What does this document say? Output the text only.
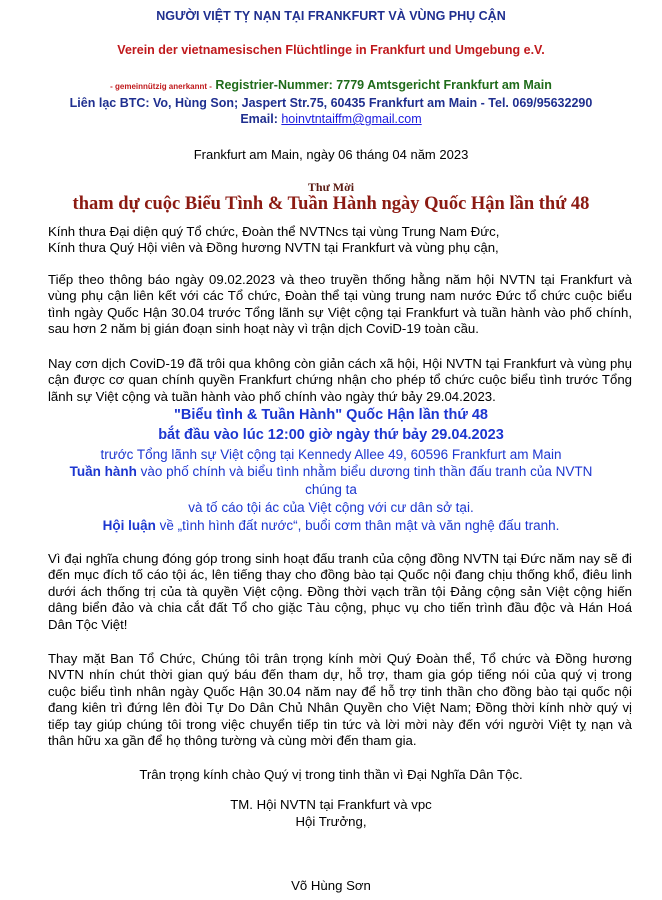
NGƯỜI VIỆT TỴ NẠN TẠI FRANKFURT VÀ VÙNG PHỤ CẬN
Verein der vietnamesischen Flüchtlinge in Frankfurt und Umgebung e.V.
- gemeinnützig anerkannt - Registrier-Nummer: 7779 Amtsgericht Frankfurt am Main
Liên lạc BTC: Vo, Hùng Son; Jaspert Str.75, 60435 Frankfurt am Main - Tel. 069/95632290
Email: hoinvtntaiffm@gmail.com
Frankfurt am Main, ngày 06 tháng 04 năm 2023
Thư Mời
tham dự cuộc Biểu Tình & Tuần Hành ngày Quốc Hận lần thứ 48
Kính thưa Đại diện quý Tổ chức, Đoàn thể NVTNcs tại vùng Trung Nam Đức,
Kính thưa Quý Hội viên và Đồng hương NVTN tại Frankfurt và vùng phụ cận,
Tiếp theo thông báo ngày 09.02.2023 và theo truyền thống hằng năm hội NVTN tại Frankfurt và vùng phụ cận liên kết với các Tổ chức, Đoàn thể tại vùng trung nam nước Đức tổ chức cuộc biểu tình ngày Quốc Hận 30.04 trước Tổng lãnh sự Việt cộng tại Frankfurt và tuần hành vào phố chính, sau hơn 2 năm bị gián đoạn sinh hoạt này vì trận dịch CoviD-19 toàn cầu.
Nay cơn dịch CoviD-19 đã trôi qua không còn giản cách xã hội, Hội NVTN tại Frankfurt và vùng phụ cận được cơ quan chính quyền Frankfurt chứng nhận cho phép tổ chức cuộc biểu tình trước Tổng lãnh sự Việt cộng và tuần hành vào phố chính vào ngày thứ bảy 29.04.2023.
"Biểu tình & Tuần Hành" Quốc Hận lần thứ 48
bắt đầu vào lúc 12:00 giờ ngày thứ bảy 29.04.2023
trước Tổng lãnh sự Việt cộng tại Kennedy Allee 49, 60596 Frankfurt am Main
Tuần hành vào phố chính và biểu tình nhằm biểu dương tinh thần đấu tranh của NVTN
chúng ta
và tố cáo tội ác của Việt cộng với cư dân sở tại.
Hội luận về „tình hình đất nước“, buổi cơm thân mật và văn nghệ đấu tranh.
Vì đại nghĩa chung đóng góp trong sinh hoạt đấu tranh của cộng đồng NVTN tại Đức năm nay sẽ đi đến mục đích tố cáo tội ác, lên tiếng thay cho đồng bào tại Quốc nội đang chịu thống khổ, điêu linh dưới ách thống trị của tà quyền Việt cộng. Đồng thời vạch trần tội Đảng cộng sản Việt cộng hiến dâng biển đảo và chia cắt đất Tổ cho giặc Tàu cộng, phục vụ cho tiến trình đầu độc và Hán Hoá Dân Tộc Việt!
Thay mặt Ban Tổ Chức, Chúng tôi trân trọng kính mời Quý Đoàn thể, Tổ chức và Đồng hương NVTN nhín chút thời gian quý báu đến tham dự, hỗ trợ, tham gia góp tiếng nói của quý vị trong cuộc biểu tình nhân ngày Quốc Hận 30.04 năm nay để hỗ trợ tinh thần cho đồng bào tại quốc nội đang kiên trì đứng lên đòi Tự Do Dân Chủ Nhân Quyền cho Việt Nam; Đồng thời kính nhờ quý vị tiếp tay giúp chúng tôi trong việc chuyển tiếp tin tức và lời mời này đến với người Việt tỵ nạn và thân hữu xa gần để họ thông tường và cùng mời đến tham gia.
Trân trọng kính chào Quý vị trong tinh thần vì Đại Nghĩa Dân Tộc.
TM. Hội NVTN tại Frankfurt và vpc
Hội Trưởng,
Võ Hùng Sơn
